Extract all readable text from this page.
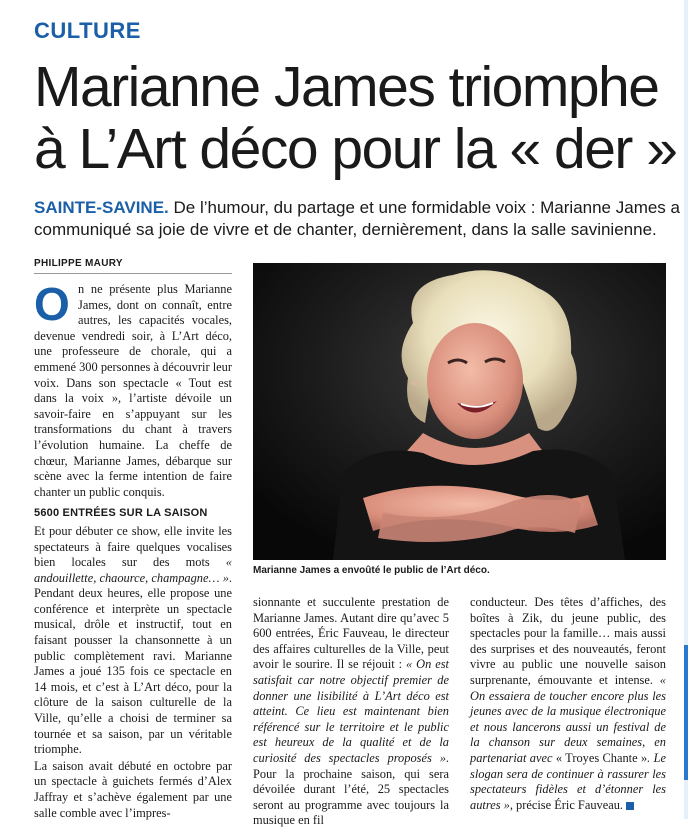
CULTURE
Marianne James triomphe
à L’Art déco pour la « der »

SAINTE-SAVINE. De l’humour, du partage et une formidable voix : Marianne James a communiqué sa joie de vivre et de chanter, dernièrement, dans la salle savinienne.

PHILIPPE MAURY

O n ne présente plus Marianne James, dont on connaît, entre autres, les capacités vocales, devenue vendredi soir, à L’Art déco, une professeure de chorale, qui a emmené 300 personnes à découvrir leur voix. Dans son spectacle « Tout est dans la voix », l’artiste dévoile un savoir-faire en s’appuyant sur les transformations du chant à travers l’évolution humaine. La cheffe de chœur, Marianne James, débarque sur scène avec la ferme intention de faire chanter un public conquis.

5600 ENTRÉES SUR LA SAISON

Et pour débuter ce show, elle invite les spectateurs à faire quelques vocalises bien locales sur des mots « andouillette, chaource, champagne… ». Pendant deux heures, elle propose une conférence et interprète un spectacle musical, drôle et instructif, tout en faisant pousser la chansonnette à un public complètement ravi. Marianne James a joué 135 fois ce spectacle en 14 mois, et c’est à L’Art déco, pour la clôture de la saison culturelle de la Ville, qu’elle a choisi de terminer sa tournée et sa saison, par un véritable triomphe.

La saison avait débuté en octobre par un spectacle à guichets fermés d’Alex Jaffray et s’achève également par une salle comble avec l’impres-

Marianne James a envoûté le public de l’Art déco.

sionnante et succulente prestation de Marianne James. Autant dire qu’avec 5 600 entrées, Éric Fauveau, le directeur des affaires culturelles de la Ville, peut avoir le sourire. Il se réjouit : « On est satisfait car notre objectif premier de donner une lisibilité à L’Art déco est atteint. Ce lieu est maintenant bien référencé sur le territoire et le public est heureux de la qualité et de la curiosité des spectacles proposés ». Pour la prochaine saison, qui sera dévoilée durant l’été, 25 spectacles seront au programme avec toujours la musique en fil

conducteur. Des têtes d’affiches, des boîtes à Zik, du jeune public, des spectacles pour la famille… mais aussi des surprises et des nouveautés, feront vivre au public une nouvelle saison surprenante, émouvante et intense. « On essaiera de toucher encore plus les jeunes avec de la musique électronique et nous lancerons aussi un festival de la chanson sur deux semaines, en partenariat avec « Troyes Chante ». Le slogan sera de continuer à rassurer les spectateurs fidèles et d’étonner les autres », précise Éric Fauveau.
